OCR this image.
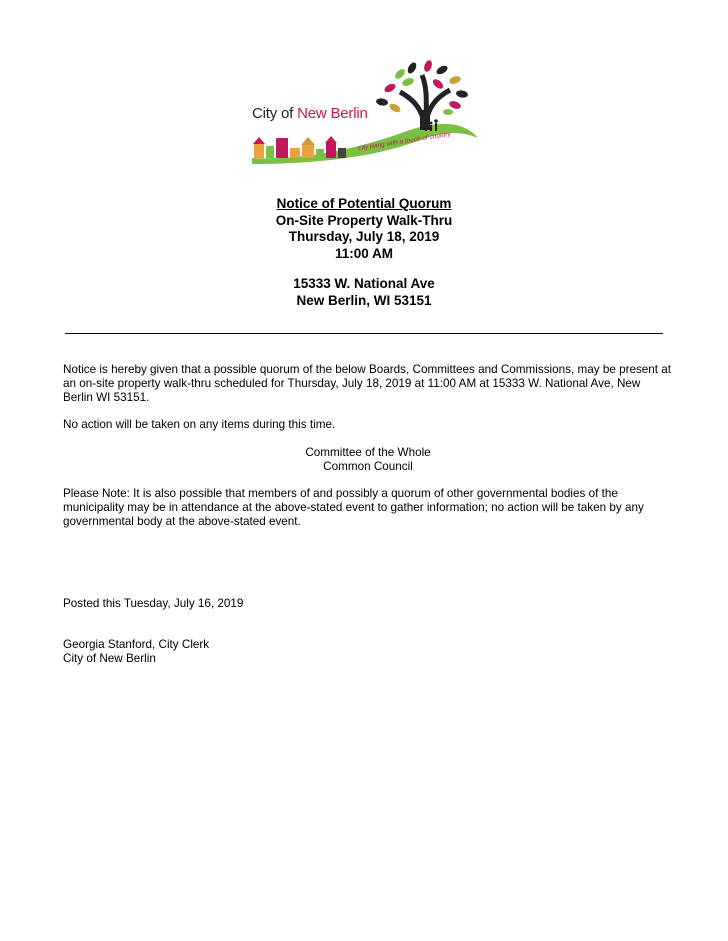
City of New Berlin
city living with a touch of country
Notice of Potential Quorum
On-Site Property Walk-Thru
Thursday, July 18, 2019
11:00 AM
15333 W. National Ave
New Berlin, WI 53151
Notice is hereby given that a possible quorum of the below Boards, Committees and Commissions, may be present at an on-site property walk-thru scheduled for Thursday, July 18, 2019 at 11:00 AM at 15333 W. National Ave, New Berlin WI 53151.
No action will be taken on any items during this time.
Committee of the Whole
Common Council
Please Note: It is also possible that members of and possibly a quorum of other governmental bodies of the municipality may be in attendance at the above-stated event to gather information; no action will be taken by any governmental body at the above-stated event.
Posted this Tuesday, July 16, 2019
Georgia Stanford, City Clerk
City of New Berlin
